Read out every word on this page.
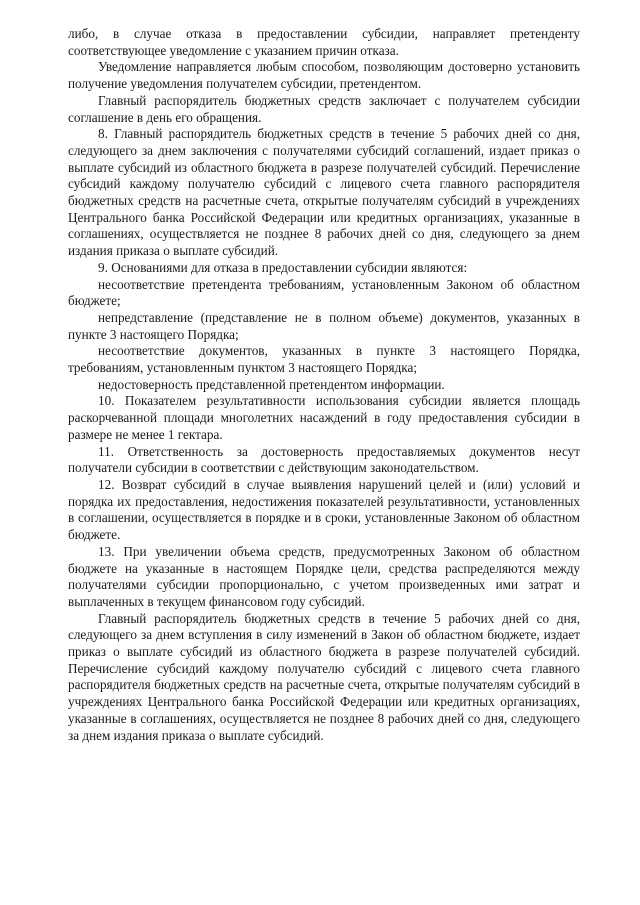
либо, в случае отказа в предоставлении субсидии, направляет претенденту соответствующее уведомление с указанием причин отказа.

Уведомление направляется любым способом, позволяющим достоверно установить получение уведомления получателем субсидии, претендентом.

Главный распорядитель бюджетных средств заключает с получателем субсидии соглашение в день его обращения.

8. Главный распорядитель бюджетных средств в течение 5 рабочих дней со дня, следующего за днем заключения с получателями субсидий соглашений, издает приказ о выплате субсидий из областного бюджета в разрезе получателей субсидий. Перечисление субсидий каждому получателю субсидий с лицевого счета главного распорядителя бюджетных средств на расчетные счета, открытые получателям субсидий в учреждениях Центрального банка Российской Федерации или кредитных организациях, указанные в соглашениях, осуществляется не позднее 8 рабочих дней со дня, следующего за днем издания приказа о выплате субсидий.

9. Основаниями для отказа в предоставлении субсидии являются:

несоответствие претендента требованиям, установленным Законом об областном бюджете;

непредставление (представление не в полном объеме) документов, указанных в пункте 3 настоящего Порядка;

несоответствие документов, указанных в пункте 3 настоящего Порядка, требованиям, установленным пунктом 3 настоящего Порядка;

недостоверность представленной претендентом информации.

10. Показателем результативности использования субсидии является площадь раскорчеванной площади многолетних насаждений в году предоставления субсидии в размере не менее 1 гектара.

11. Ответственность за достоверность предоставляемых документов несут получатели субсидии в соответствии с действующим законодательством.

12. Возврат субсидий в случае выявления нарушений целей и (или) условий и порядка их предоставления, недостижения показателей результативности, установленных в соглашении, осуществляется в порядке и в сроки, установленные Законом об областном бюджете.

13. При увеличении объема средств, предусмотренных Законом об областном бюджете на указанные в настоящем Порядке цели, средства распределяются между получателями субсидии пропорционально, с учетом произведенных ими затрат и выплаченных в текущем финансовом году субсидий.

Главный распорядитель бюджетных средств в течение 5 рабочих дней со дня, следующего за днем вступления в силу изменений в Закон об областном бюджете, издает приказ о выплате субсидий из областного бюджета в разрезе получателей субсидий. Перечисление субсидий каждому получателю субсидий с лицевого счета главного распорядителя бюджетных средств на расчетные счета, открытые получателям субсидий в учреждениях Центрального банка Российской Федерации или кредитных организациях, указанные в соглашениях, осуществляется не позднее 8 рабочих дней со дня, следующего за днем издания приказа о выплате субсидий.
